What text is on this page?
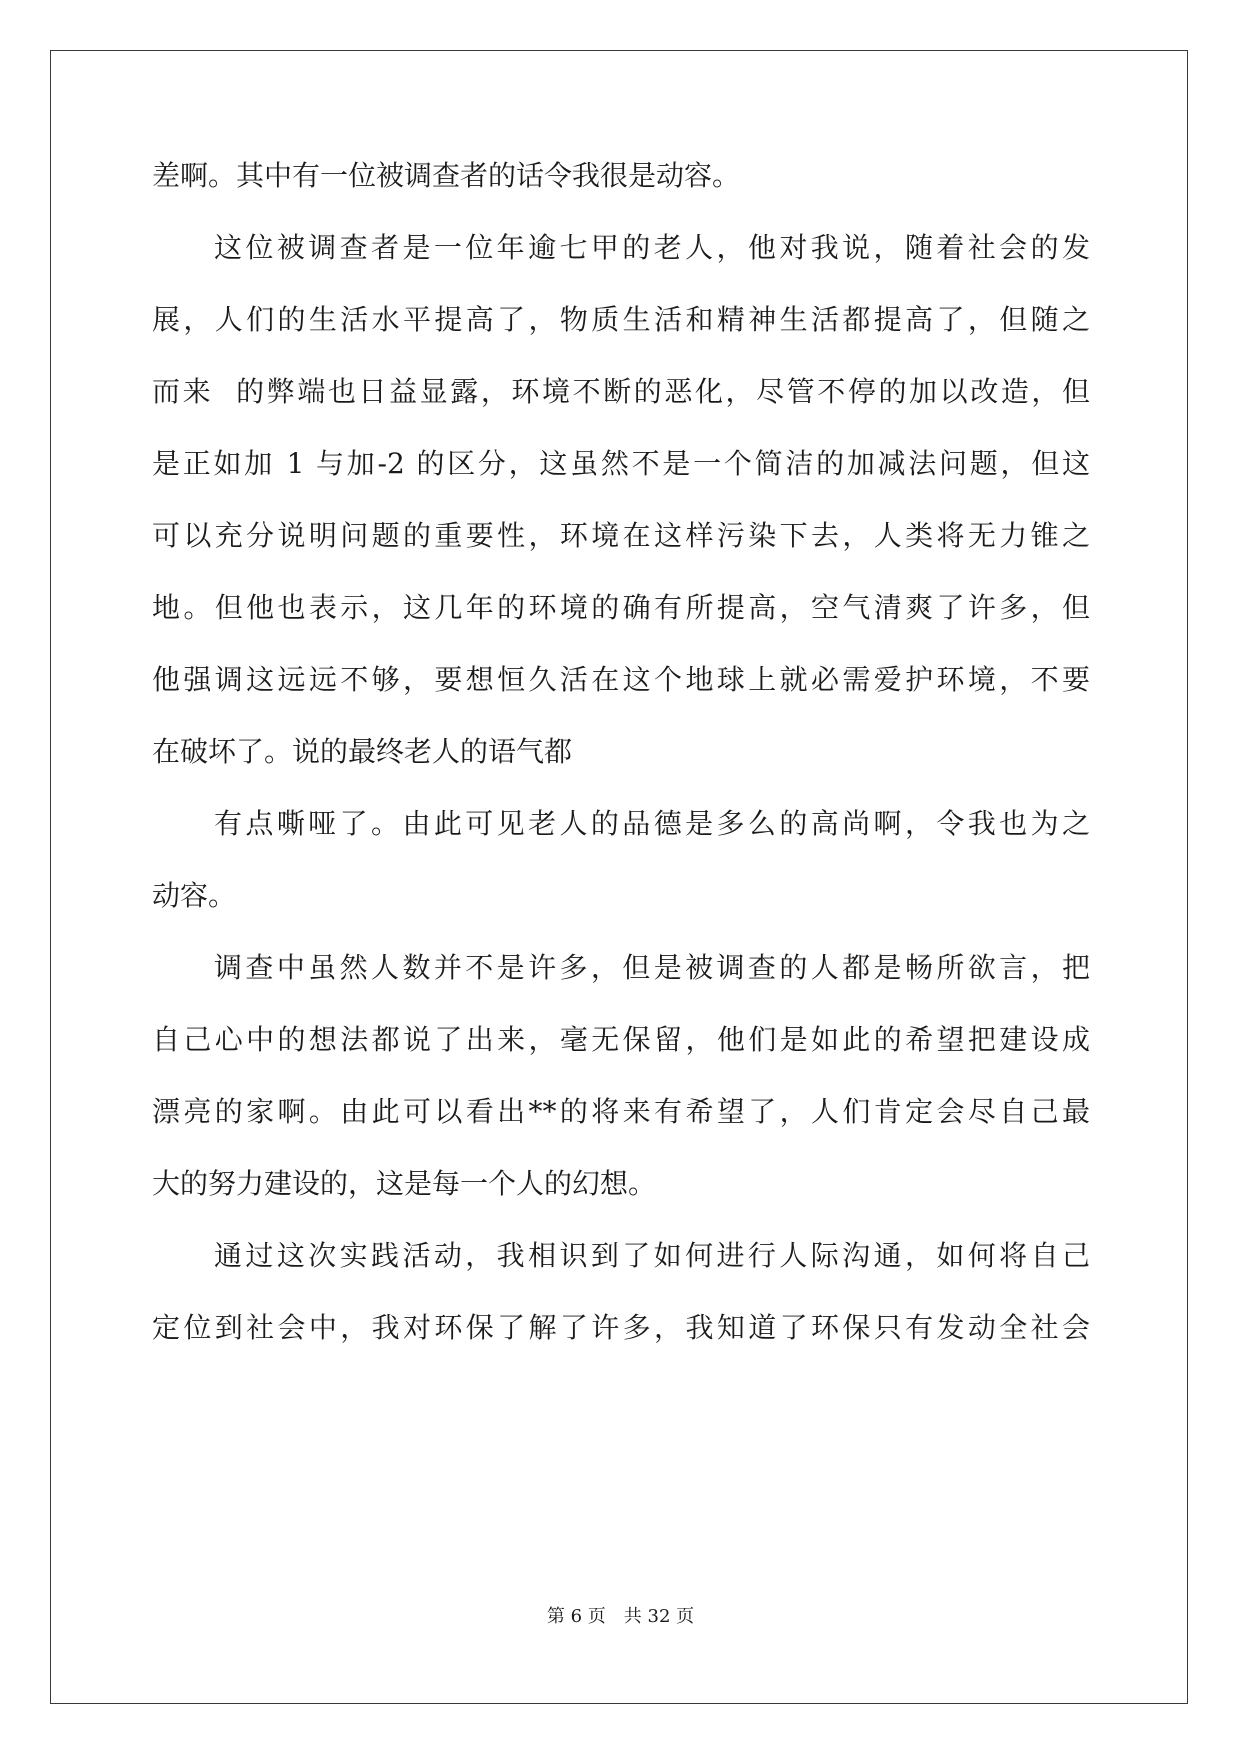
差啊。其中有一位被调查者的话令我很是动容。
这位被调查者是一位年逾七甲的老人，他对我说，随着社会的发
展，人们的生活水平提高了，物质生活和精神生活都提高了，但随之
而来  的弊端也日益显露，环境不断的恶化，尽管不停的加以改造，但
是正如加 1 与加-2 的区分，这虽然不是一个简洁的加减法问题，但这
可以充分说明问题的重要性，环境在这样污染下去，人类将无力锥之
地。但他也表示，这几年的环境的确有所提高，空气清爽了许多，但
他强调这远远不够，要想恒久活在这个地球上就必需爱护环境，不要
在破坏了。说的最终老人的语气都
有点嘶哑了。由此可见老人的品德是多么的高尚啊，令我也为之
动容。
调查中虽然人数并不是许多，但是被调查的人都是畅所欲言，把
自己心中的想法都说了出来，毫无保留，他们是如此的希望把建设成
漂亮的家啊。由此可以看出**的将来有希望了，人们肯定会尽自己最
大的努力建设的，这是每一个人的幻想。
通过这次实践活动，我相识到了如何进行人际沟通，如何将自己
定位到社会中，我对环保了解了许多，我知道了环保只有发动全社会
第 6 页　共 32 页
